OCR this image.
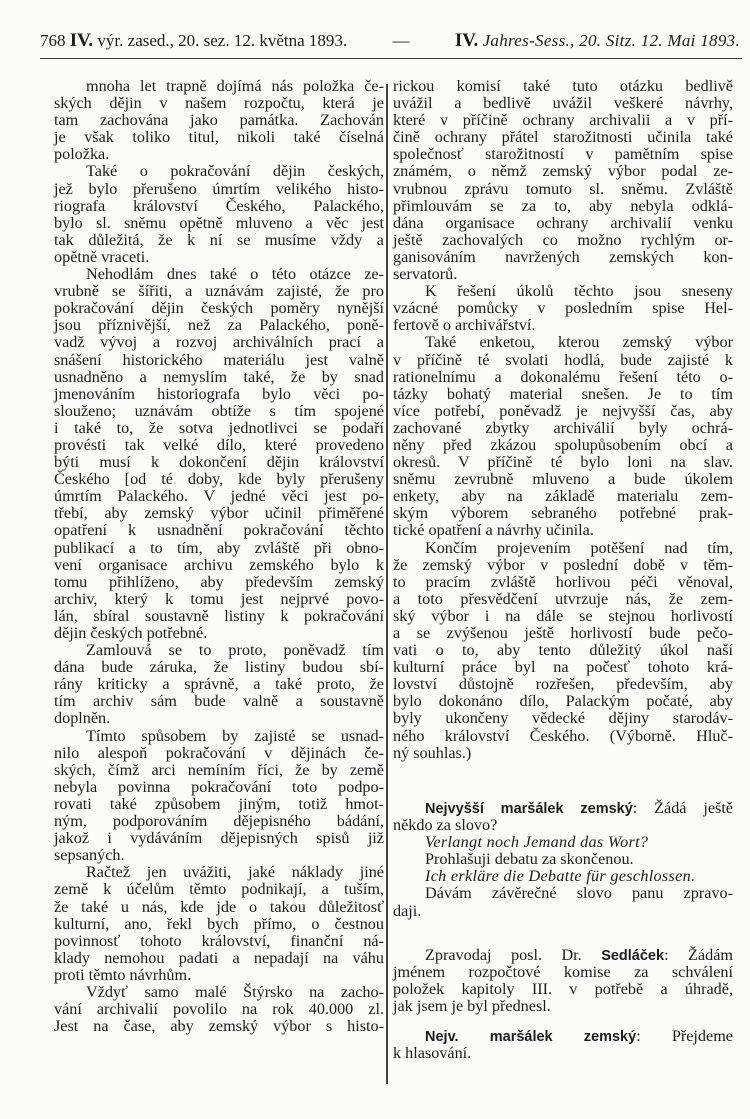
768 IV. výr. zased., 20. sez. 12. května 1893.	— IV. Jahres-Sess., 20. Sitz. 12. Mai 1893.
mnoha let trapně dojímá nás položka če-
ských dějin v našem rozpočtu, která je
tam zachována jako památka. Zachován
je však toliko titul, nikoli také číselná
položka.
Také o pokračování dějin českých,
jež bylo přerušeno úmrtím velikého histo-
riografa království Českého, Palackého,
bylo sl. sněmu opětně mluveno a věc jest
tak důležitá, že k ní se musíme vždy a
opětně vraceti.
Nehodlám dnes také o této otázce ze-
vrubně se šířiti, a uznávám zajisté, že pro
pokračování dějin českých poměry nynější
jsou příznivější, než za Palackého, poně-
vadž vývoj a rozvoj archiválních prací a
snášení historického materiálu jest valně
usnadněno a nemyslím také, že by snad
jmenováním historiografa bylo věci po-
slouženo; uznávám obtíže s tím spojené
i také to, že sotva jednotlivci se podaří
provésti tak velké dílo, které provedeno
býti musí k dokončení dějin království
Českého [od té doby, kde byly přerušeny
úmrtím Palackého. V jedné věci jest po-
třebí, aby zemský výbor učinil přiměřené
opatření k usnadnění pokračování těchto
publikací a to tím, aby zvláště při obno-
vení organisace archivu zemského bylo k
tomu přihlíženo, aby především zemský
archiv, který k tomu jest nejprvé povo-
lán, sbíral soustavně listiny k pokračování
dějin českých potřebné.
Zamlouvá se to proto, poněvadž tím
dána bude záruka, že listiny budou sbí-
rány kriticky a správně, a také proto, že
tím archiv sám bude valně a soustavně
doplněn.
Tímto spůsobem by zajisté se usnad-
nilo alespoň pokračování v dějinách če-
ských, čímž arci nemíním říci, že by země
nebyla povinna pokračování toto podpo-
rovati také způsobem jiným, totiž hmot-
ným, podporováním dějepisného bádání,
jakož i vydáváním dějepisných spisů již
sepsaných.
Račtež jen uvážiti, jaké náklady jiné
země k účelům těmto podnikají, a tuším,
že také u nás, kde jde o takou důležitosť
kulturní, ano, řekl bych přímo, o čestnou
povinnosť tohoto království, finanční ná-
klady nemohou padati a nepadají na váhu
proti těmto návrhům.
Vždyť samo malé Štýrsko na zacho-
vání archivalií povolilo na rok 40.000 zl.
Jest na čase, aby zemský výbor s histo-
rickou komisí také tuto otázku bedlivě
uvážil a bedlivě uvážil veškeré návrhy,
které v příčině ochrany archivalii a v pří-
čině ochrany přátel starožitnosti učinila také
společnosť starožitností v pamětním spise
známém, o němž zemský výbor podal ze-
vrubnou zprávu tomuto sl. sněmu. Zvláště
přimlouvám se za to, aby nebyla odklá-
dána organisace ochrany archivalií venku
ještě zachovalých co možno rychlým or-
ganisováním navržených zemských kon-
servatorů.
K řešení úkolů těchto jsou sneseny
vzácné pomůcky v posledním spise Hel-
fertově o archivářství.
Také enketou, kterou zemský výbor
v příčině té svolati hodlá, bude zajisté k
rationelnímu a dokonalému řešení této o-
tázky bohatý material snešen. Je to tím
více potřebí, poněvadž je nejvyšší čas, aby
zachované zbytky archiválií byly ochrá-
něny před zkázou spolupůsobením obcí a
okresů. V příčině té bylo loni na slav.
sněmu zevrubně mluveno a bude úkolem
enkety, aby na základě materialu zem-
ským výborem sebraného potřebné prak-
tické opatření a návrhy učinila.
Končím projevením potěšení nad tím,
že zemský výbor v poslední době v těm-
to pracím zvláště horlivou péči věnoval,
a toto přesvědčení utvrzuje nás, že zem-
ský výbor i na dále se stejnou horlivostí
a se zvýšenou ještě horlivostí bude pečo-
vati o to, aby tento důležitý úkol naší
kulturní práce byl na počesť tohoto krá-
lovství důstojně rozřešen, především, aby
bylo dokonáno dílo, Palackým počaté, aby
byly ukončeny vědecké dějiny starodáv-
ného království Českého. (Výborně. Hluč-
ný souhlas.)
Nejvyšší maršálek zemský: Žádá ještě
někdo za slovo?
Verlangt noch Jemand das Wort?
Prohlašuji debatu za skončenou.
Ich erkläre die Debatte für geschlossen.
Dávám závěrečné slovo panu zpravo-
daji.
Zpravodaj posl. Dr. Sedláček: Žádám
jménem rozpočtové komise za schválení
položek kapitoly III. v potřebě a úhradě,
jak jsem je byl přednesl.
Nejv. maršálek zemský: Přejdeme
k hlasování.
